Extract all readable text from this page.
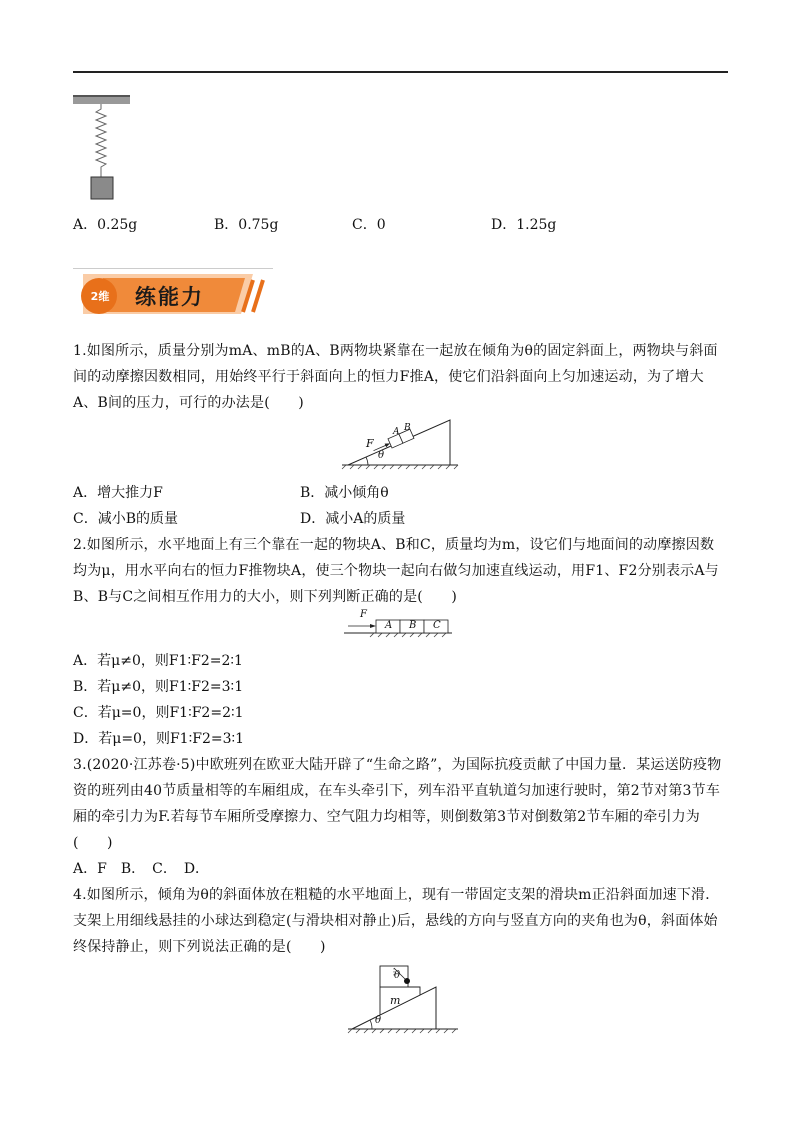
A．0.25g	B．0.75g	C．0	D．1.25g
2维	练能力

1.如图所示，质量分别为mA、mB的A、B两物块紧靠在一起放在倾角为θ的固定斜面上，两物块与斜面间的动摩擦因数相同，用始终平行于斜面向上的恒力F推A，使它们沿斜面向上匀加速运动，为了增大A、B间的压力，可行的办法是(　　)

F
A B
θ
A．增大推力F	B．减小倾角θ
C．减小B的质量	D．减小A的质量

2.如图所示，水平地面上有三个靠在一起的物块A、B和C，质量均为m，设它们与地面间的动摩擦因数均为μ，用水平向右的恒力F推物块A，使三个物块一起向右做匀加速直线运动，用F1、F2分别表示A与B、B与C之间相互作用力的大小，则下列判断正确的是(　　)

F
A B C
A．若μ≠0，则F1∶F2=2∶1
B．若μ≠0，则F1∶F2=3∶1
C．若μ=0，则F1∶F2=2∶1
D．若μ=0，则F1∶F2=3∶1

3.(2020·江苏卷·5)中欧班列在欧亚大陆开辟了“生命之路”，为国际抗疫贡献了中国力量．某运送防疫物资的班列由40节质量相等的车厢组成，在车头牵引下，列车沿平直轨道匀加速行驶时，第2节对第3节车厢的牵引力为F.若每节车厢所受摩擦力、空气阻力均相等，则倒数第3节对倒数第2节车厢的牵引力为(　　)

A．F　B．　C．　D．

4.如图所示，倾角为θ的斜面体放在粗糙的水平地面上，现有一带固定支架的滑块m正沿斜面加速下滑．支架上用细线悬挂的小球达到稳定(与滑块相对静止)后，悬线的方向与竖直方向的夹角也为θ，斜面体始终保持静止，则下列说法正确的是(　　)

θ
m
θ
